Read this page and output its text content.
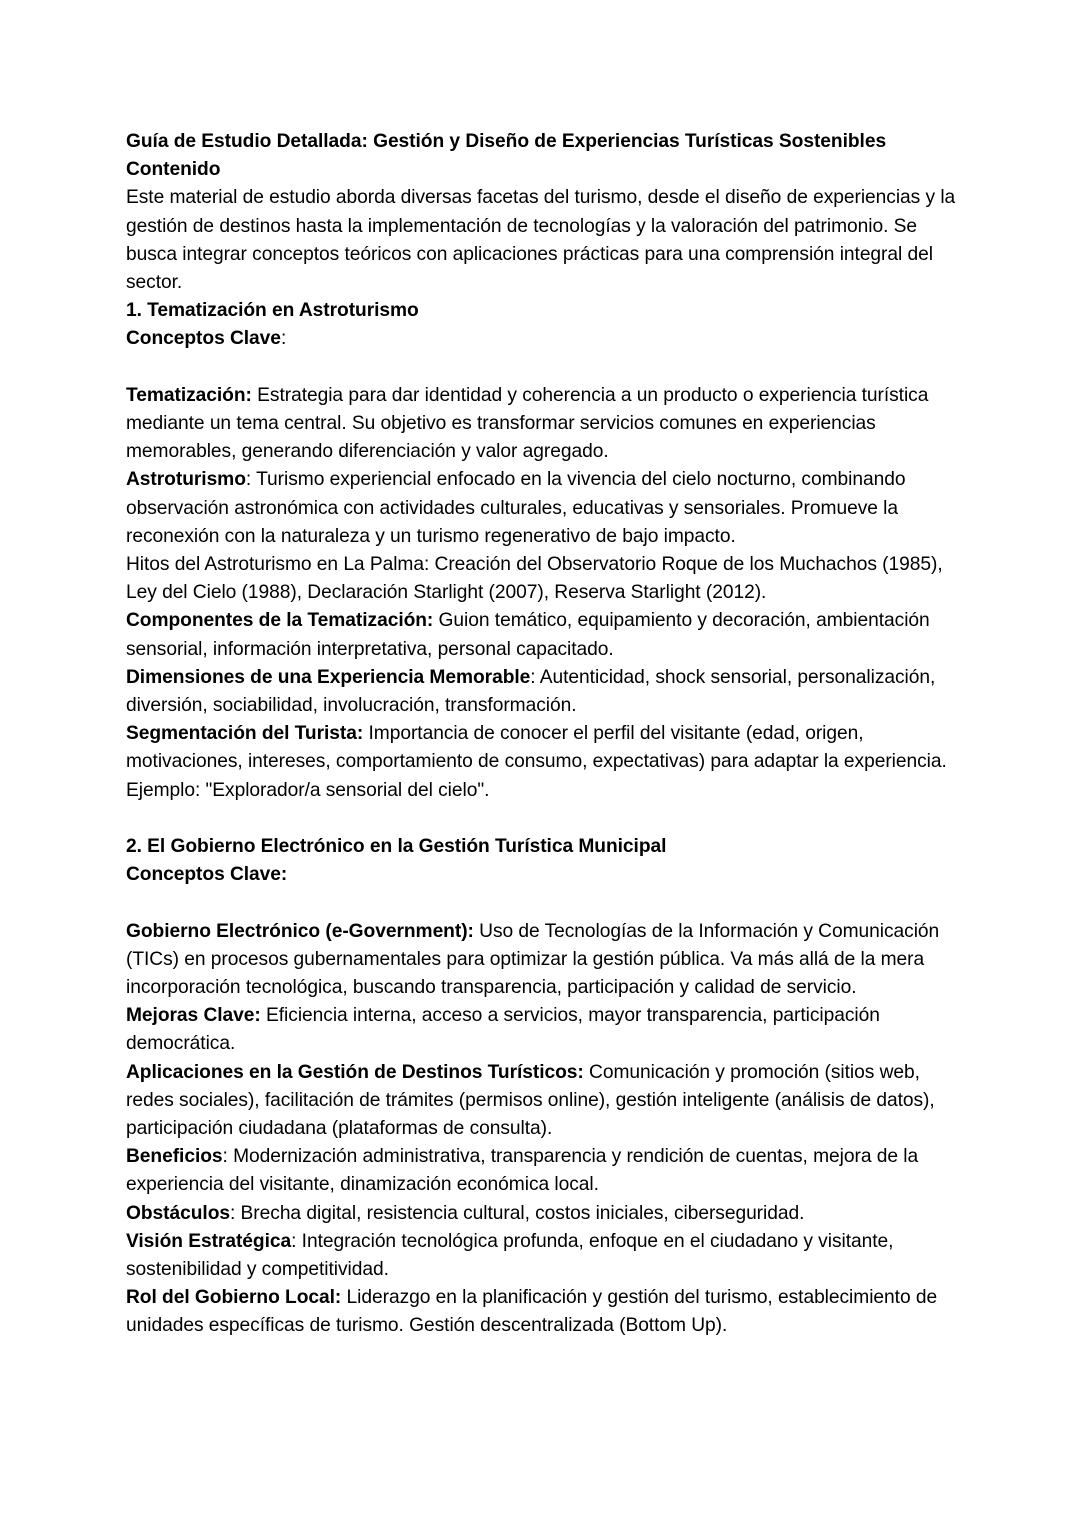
Guía de Estudio Detallada: Gestión y Diseño de Experiencias Turísticas Sostenibles
Contenido
Este material de estudio aborda diversas facetas del turismo, desde el diseño de experiencias y la gestión de destinos hasta la implementación de tecnologías y la valoración del patrimonio. Se busca integrar conceptos teóricos con aplicaciones prácticas para una comprensión integral del sector.
1. Tematización en Astroturismo
Conceptos Clave:
Tematización: Estrategia para dar identidad y coherencia a un producto o experiencia turística mediante un tema central. Su objetivo es transformar servicios comunes en experiencias memorables, generando diferenciación y valor agregado.
Astroturismo: Turismo experiencial enfocado en la vivencia del cielo nocturno, combinando observación astronómica con actividades culturales, educativas y sensoriales. Promueve la reconexión con la naturaleza y un turismo regenerativo de bajo impacto.
Hitos del Astroturismo en La Palma: Creación del Observatorio Roque de los Muchachos (1985), Ley del Cielo (1988), Declaración Starlight (2007), Reserva Starlight (2012).
Componentes de la Tematización: Guion temático, equipamiento y decoración, ambientación sensorial, información interpretativa, personal capacitado.
Dimensiones de una Experiencia Memorable: Autenticidad, shock sensorial, personalización, diversión, sociabilidad, involucración, transformación.
Segmentación del Turista: Importancia de conocer el perfil del visitante (edad, origen, motivaciones, intereses, comportamiento de consumo, expectativas) para adaptar la experiencia. Ejemplo: "Explorador/a sensorial del cielo".
2. El Gobierno Electrónico en la Gestión Turística Municipal
Conceptos Clave:
Gobierno Electrónico (e-Government): Uso de Tecnologías de la Información y Comunicación (TICs) en procesos gubernamentales para optimizar la gestión pública. Va más allá de la mera incorporación tecnológica, buscando transparencia, participación y calidad de servicio.
Mejoras Clave: Eficiencia interna, acceso a servicios, mayor transparencia, participación democrática.
Aplicaciones en la Gestión de Destinos Turísticos: Comunicación y promoción (sitios web, redes sociales), facilitación de trámites (permisos online), gestión inteligente (análisis de datos), participación ciudadana (plataformas de consulta).
Beneficios: Modernización administrativa, transparencia y rendición de cuentas, mejora de la experiencia del visitante, dinamización económica local.
Obstáculos: Brecha digital, resistencia cultural, costos iniciales, ciberseguridad.
Visión Estratégica: Integración tecnológica profunda, enfoque en el ciudadano y visitante, sostenibilidad y competitividad.
Rol del Gobierno Local: Liderazgo en la planificación y gestión del turismo, establecimiento de unidades específicas de turismo. Gestión descentralizada (Bottom Up).
